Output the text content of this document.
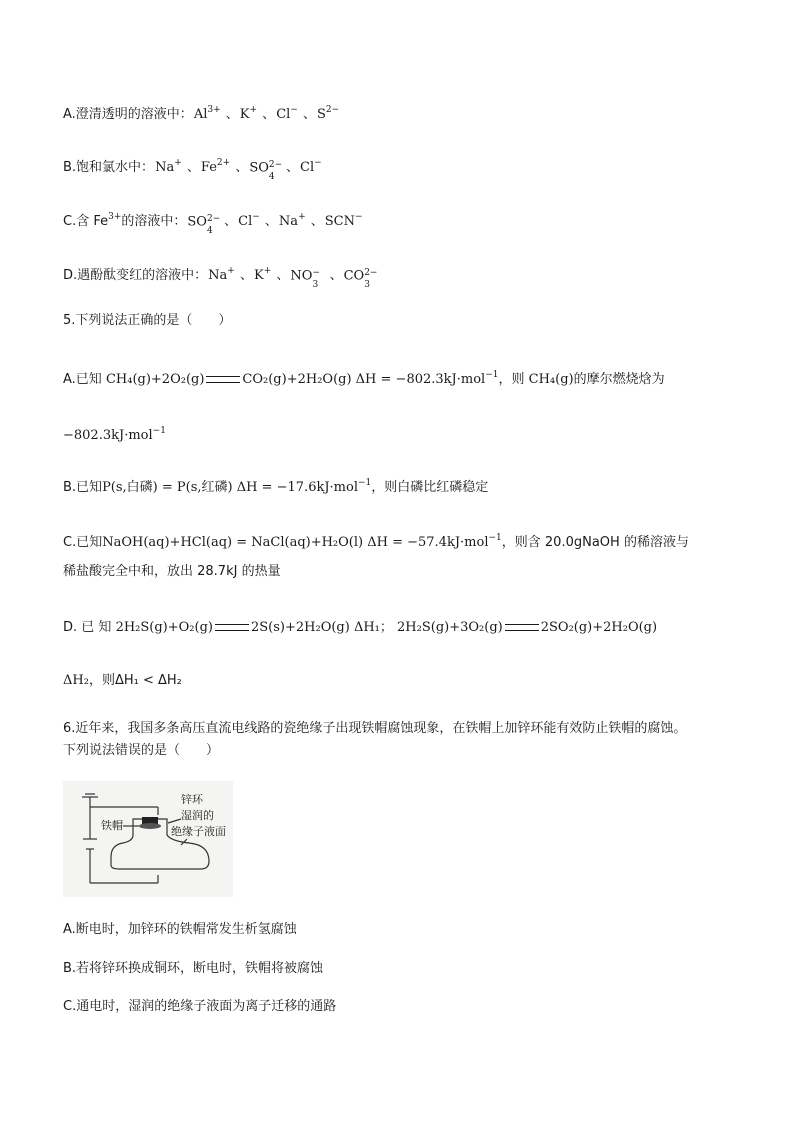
A.澄清透明的溶液中：$Al^{3+}$ 、K+ 、Cl− 、$S^{2-}$
B.饱和氯水中：Na+ 、$Fe^{2+}$ 、SO 2−
4
、Cl−
C.含 $Fe^{3+}$的溶液中：SO 2−
4
、Cl− 、Na+ 、SCN−
D.遇酚酞变红的溶液中：Na+ 、K+ 、NO −
3
、CO 2−
3
5.下列说法正确的是（　　）
A.已知 CH₄(g)+2O₂(g)	CO₂(g)+2H₂O(g) ΔH = −802.3kJ·mol$^{-1}$，则 CH₄(g)的摩尔燃烧焓为
−802.3kJ·mol$^{-1}$
B.已知P(s,白磷) = P(s,红磷) ΔH = −17.6kJ·mol$^{-1}$，则白磷比红磷稳定
C.已知NaOH(aq)+HCl(aq) = NaCl(aq)+H₂O(l) ΔH = −57.4kJ·mol$^{-1}$，则含 20.0gNaOH 的稀溶液与
稀盐酸完全中和，放出 28.7kJ 的热量
D. 已 知 2H₂S(g)+O₂(g)	2S(s)+2H₂O(g) ΔH₁； 2H₂S(g)+3O₂(g)	2SO₂(g)+2H₂O(g)
ΔH₂，则ΔH₁ < ΔH₂
6.近年来，我国多条高压直流电线路的瓷绝缘子出现铁帽腐蚀现象，在铁帽上加锌环能有效防止铁帽的腐蚀。
下列说法错误的是（　　）
铁帽
锌环
湿润的
绝缘子液面
A.断电时，加锌环的铁帽常发生析氢腐蚀
B.若将锌环换成铜环，断电时，铁帽将被腐蚀
C.通电时，湿润的绝缘子液面为离子迁移的通路
